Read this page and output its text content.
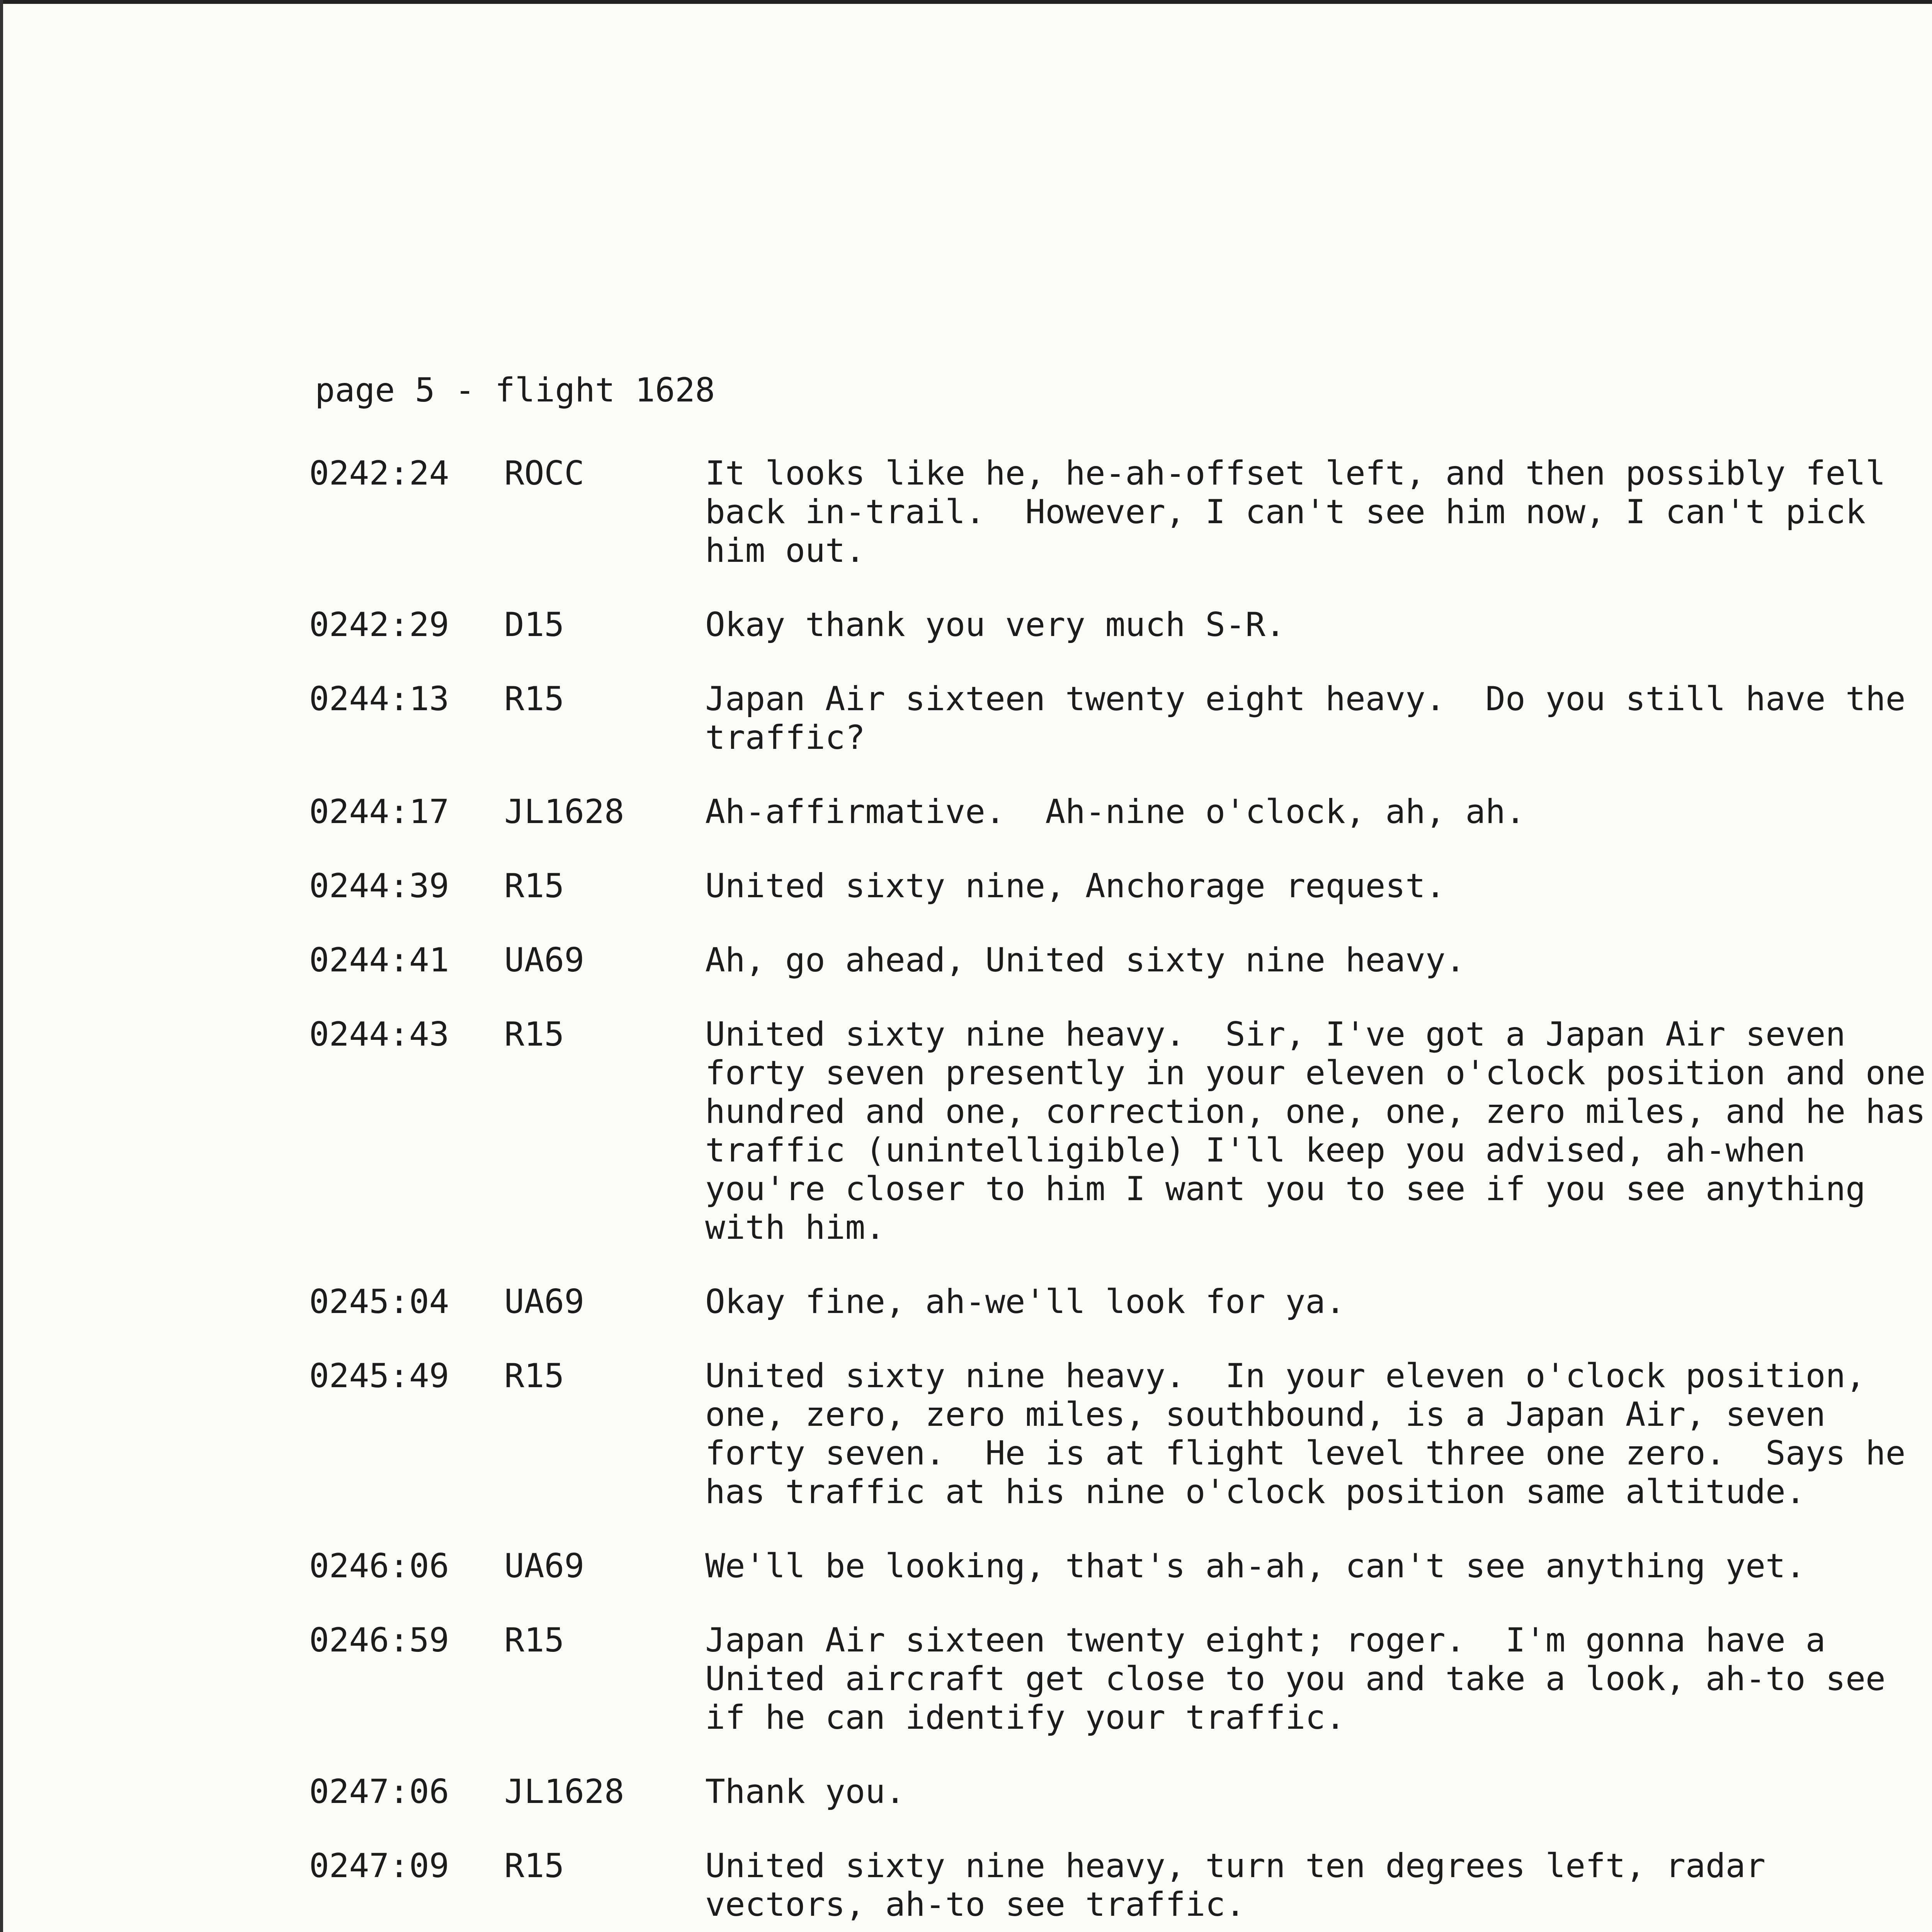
page 5 - flight 1628
0242:24	ROCC	It looks like he, he-ah-offset left, and then possibly fell
back in-trail.  However, I can't see him now, I can't pick
him out.
0242:29	D15	Okay thank you very much S-R.
0244:13	R15	Japan Air sixteen twenty eight heavy.  Do you still have the
traffic?
0244:17	JL1628	Ah-affirmative.  Ah-nine o'clock, ah, ah.
0244:39	R15	United sixty nine, Anchorage request.
0244:41	UA69	Ah, go ahead, United sixty nine heavy.
0244:43	R15	United sixty nine heavy.  Sir, I've got a Japan Air seven
forty seven presently in your eleven o'clock position and one
hundred and one, correction, one, one, zero miles, and he has
traffic (unintelligible) I'll keep you advised, ah-when
you're closer to him I want you to see if you see anything
with him.
0245:04	UA69	Okay fine, ah-we'll look for ya.
0245:49	R15	United sixty nine heavy.  In your eleven o'clock position,
one, zero, zero miles, southbound, is a Japan Air, seven
forty seven.  He is at flight level three one zero.  Says he
has traffic at his nine o'clock position same altitude.
0246:06	UA69	We'll be looking, that's ah-ah, can't see anything yet.
0246:59	R15	Japan Air sixteen twenty eight; roger.  I'm gonna have a
United aircraft get close to you and take a look, ah-to see
if he can identify your traffic.
0247:06	JL1628	Thank you.
0247:09	R15	United sixty nine heavy, turn ten degrees left, radar
vectors, ah-to see traffic.
